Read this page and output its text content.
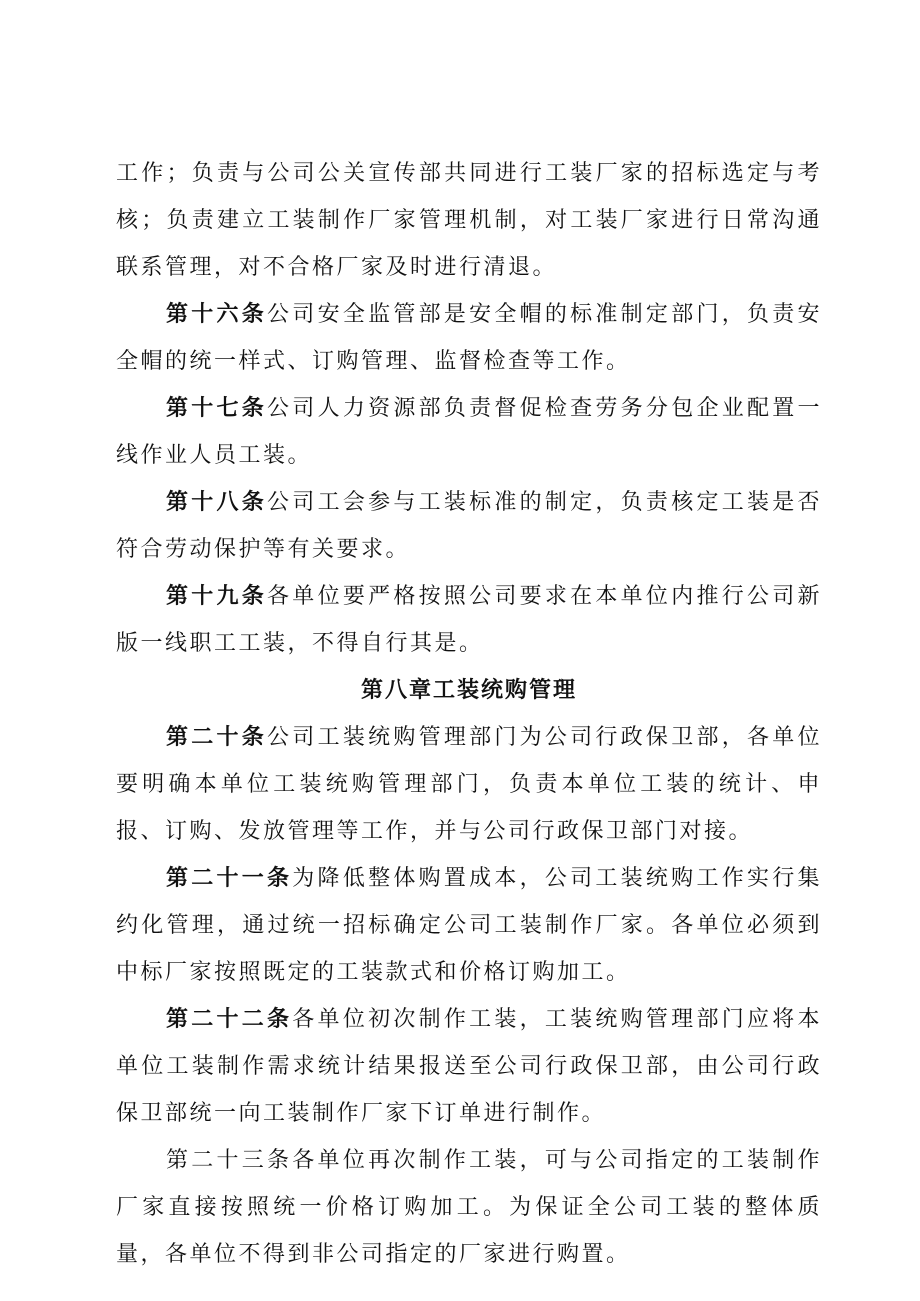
工作；负责与公司公关宣传部共同进行工装厂家的招标选定与考核；负责建立工装制作厂家管理机制，对工装厂家进行日常沟通联系管理，对不合格厂家及时进行清退。

第十六条公司安全监管部是安全帽的标准制定部门，负责安全帽的统一样式、订购管理、监督检查等工作。

第十七条公司人力资源部负责督促检查劳务分包企业配置一线作业人员工装。

第十八条公司工会参与工装标准的制定，负责核定工装是否符合劳动保护等有关要求。

第十九条各单位要严格按照公司要求在本单位内推行公司新版一线职工工装，不得自行其是。

第八章工装统购管理

第二十条公司工装统购管理部门为公司行政保卫部，各单位要明确本单位工装统购管理部门，负责本单位工装的统计、申报、订购、发放管理等工作，并与公司行政保卫部门对接。

第二十一条为降低整体购置成本，公司工装统购工作实行集约化管理，通过统一招标确定公司工装制作厂家。各单位必须到中标厂家按照既定的工装款式和价格订购加工。

第二十二条各单位初次制作工装，工装统购管理部门应将本单位工装制作需求统计结果报送至公司行政保卫部，由公司行政保卫部统一向工装制作厂家下订单进行制作。

第二十三条各单位再次制作工装，可与公司指定的工装制作厂家直接按照统一价格订购加工。为保证全公司工装的整体质量，各单位不得到非公司指定的厂家进行购置。
